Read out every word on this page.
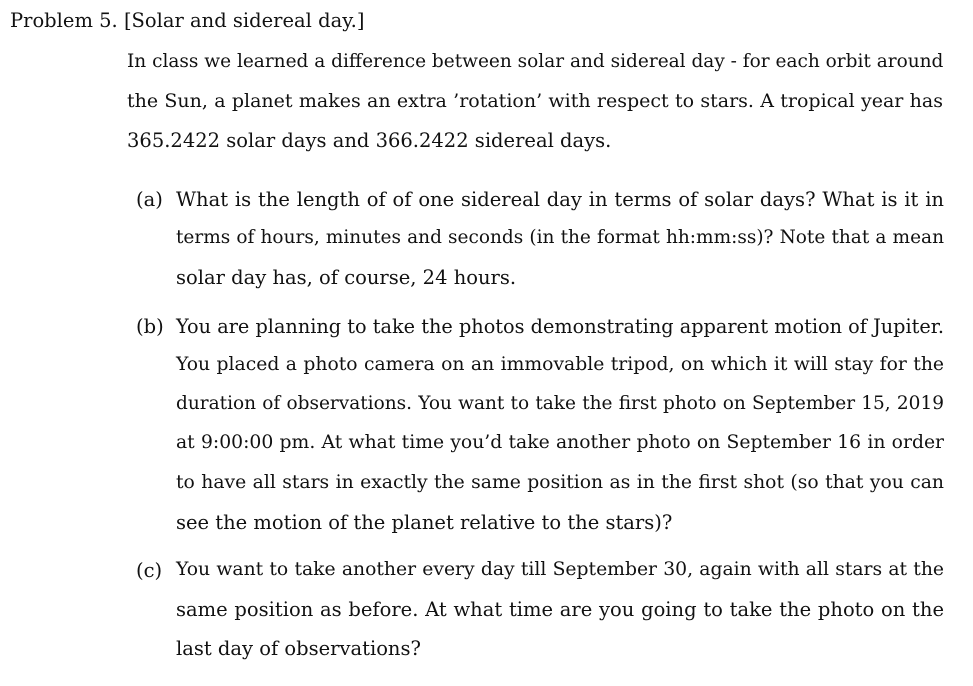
Problem 5. [Solar and sidereal day.]
In class we learned a difference between solar and sidereal day - for each orbit around
the Sun, a planet makes an extra ’rotation’ with respect to stars. A tropical year has
365.2422 solar days and 366.2422 sidereal days.
(a) What is the length of of one sidereal day in terms of solar days? What is it in
terms of hours, minutes and seconds (in the format hh:mm:ss)? Note that a mean
solar day has, of course, 24 hours.
(b) You are planning to take the photos demonstrating apparent motion of Jupiter.
You placed a photo camera on an immovable tripod, on which it will stay for the
duration of observations. You want to take the first photo on September 15, 2019
at 9:00:00 pm. At what time you’d take another photo on September 16 in order
to have all stars in exactly the same position as in the first shot (so that you can
see the motion of the planet relative to the stars)?
(c) You want to take another every day till September 30, again with all stars at the
same position as before. At what time are you going to take the photo on the
last day of observations?
